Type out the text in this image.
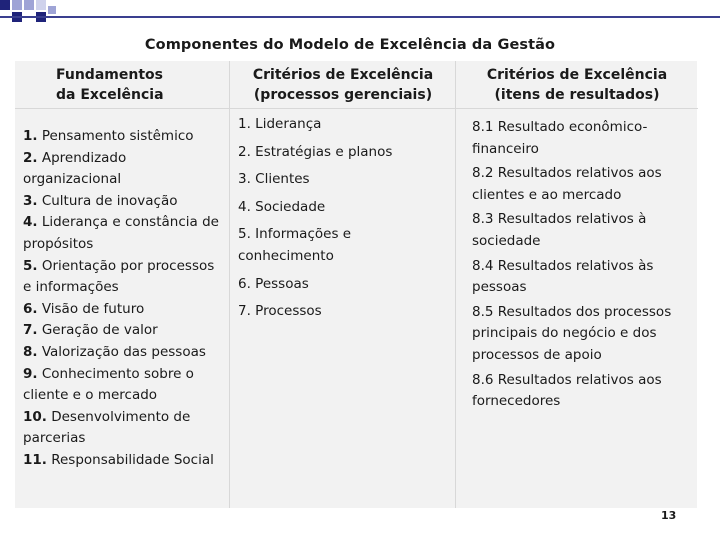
Componentes do Modelo de Excelência da Gestão
Fundamentos
da Excelência
1. Pensamento sistêmico
2. Aprendizado organizacional
3. Cultura de inovação
4. Liderança e constância de propósitos
5. Orientação por processos e informações
6. Visão de futuro
7. Geração de valor
8. Valorização das pessoas
9. Conhecimento sobre o cliente e o mercado
10. Desenvolvimento de parcerias
11. Responsabilidade Social
Critérios de Excelência
(processos gerenciais)
1. Liderança
2. Estratégias e planos
3. Clientes
4. Sociedade
5. Informações e conhecimento
6. Pessoas
7. Processos
Critérios de Excelência
(itens de resultados)
8.1 Resultado econômico-financeiro
8.2 Resultados relativos aos clientes e ao mercado
8.3 Resultados relativos à sociedade
8.4 Resultados relativos às pessoas
8.5 Resultados dos processos principais do negócio e dos processos de apoio
8.6 Resultados relativos aos fornecedores
13
